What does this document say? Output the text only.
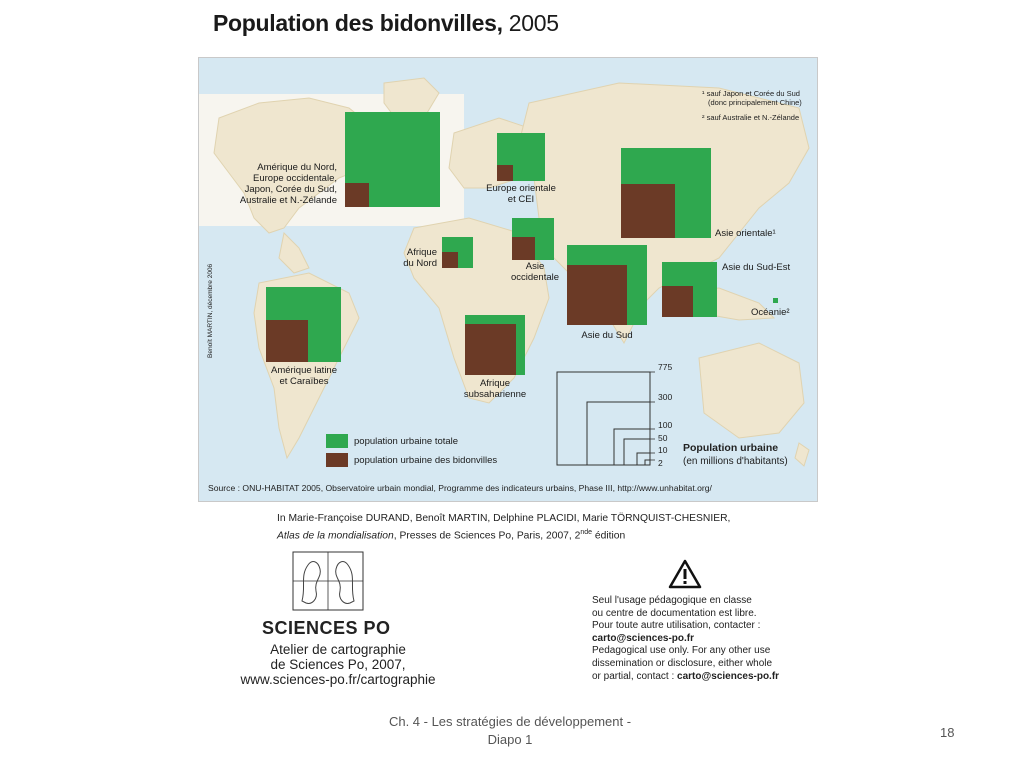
Population des bidonvilles, 2005
¹ sauf Japon et Corée du Sud
(donc principalement Chine)
² sauf Australie et N.-Zélande
Amérique du Nord,
Europe occidentale,
Japon, Corée du Sud,
Australie et N.-Zélande
Europe orientale
et CEI
Asie orientale¹
Afrique
du Nord	Asie
occidentale
Asie du Sud
Asie du Sud-Est
Océanie²
Amérique latine
et Caraïbes	Afrique
subsaharienne
population urbaine totale
population urbaine des bidonvilles
775
300
100
50
10
2
Population urbaine
(en millions d'habitants)
Benoît MARTIN, décembre 2006
Source : ONU-HABITAT 2005, Observatoire urbain mondial, Programme des indicateurs urbains, Phase III, http://www.unhabitat.org/
In Marie-Françoise DURAND, Benoît MARTIN, Delphine PLACIDI, Marie TÖRNQUIST-CHESNIER,
Atlas de la mondialisation, Presses de Sciences Po, Paris, 2007, 2nde édition
SCIENCES PO
Atelier de cartographie
de Sciences Po, 2007,
www.sciences-po.fr/cartographie
Seul l'usage pédagogique en classe
ou centre de documentation est libre.
Pour toute autre utilisation, contacter :
carto@sciences-po.fr
Pedagogical use only. For any other use
dissemination or disclosure, either whole
or partial, contact : carto@sciences-po.fr
Ch. 4 - Les stratégies de développement -
Diapo 1	18
